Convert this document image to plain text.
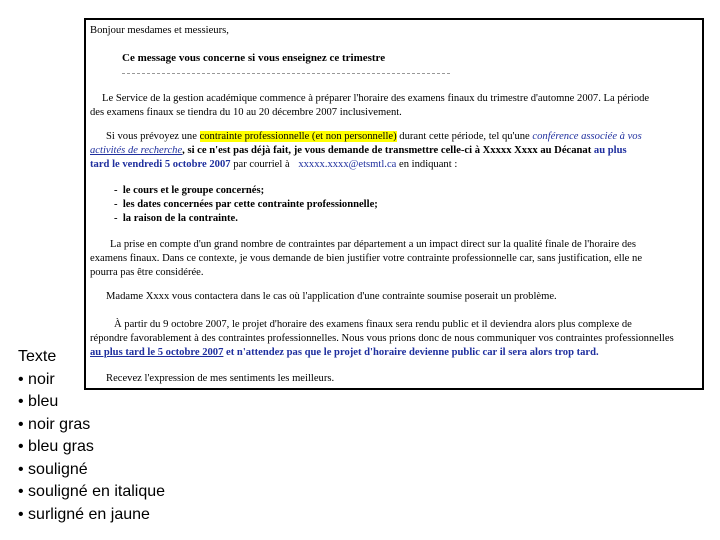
Bonjour mesdames et messieurs,
Ce message vous concerne si vous enseignez ce trimestre
Le Service de la gestion académique commence à préparer l'horaire des examens finaux du trimestre d'automne 2007. La période
des examens finaux se tiendra du 10 au 20 décembre 2007 inclusivement.
Si vous prévoyez une contrainte professionnelle (et non personnelle) durant cette période, tel qu'une conférence associée à vos
activités de recherche, si ce n'est pas déjà fait, je vous demande de transmettre celle-ci à Xxxxx Xxxx au Décanat au plus
tard le vendredi 5 octobre 2007 par courriel à xxxxx.xxxx@etsmtl.ca en indiquant :
-  le cours et le groupe concernés;
-  les dates concernées par cette contrainte professionnelle;
-  la raison de la contrainte.
La prise en compte d'un grand nombre de contraintes par département a un impact direct sur la qualité finale de l'horaire des
examens finaux. Dans ce contexte, je vous demande de bien justifier votre contrainte professionnelle car, sans justification, elle ne
pourra pas être considérée.
Madame Xxxx vous contactera dans le cas où l'application d'une contrainte soumise poserait un problème.
À partir du 9 octobre 2007, le projet d'horaire des examens finaux sera rendu public et il deviendra alors plus complexe de
répondre favorablement à des contraintes professionnelles. Nous vous prions donc de nous communiquer vos contraintes professionnelles
au plus tard le 5 octobre 2007 et n'attendez pas que le projet d'horaire devienne public car il sera alors trop tard.
Recevez l'expression de mes sentiments les meilleurs.
Texte
• noir
• bleu
• noir gras
• bleu gras
• souligné
• souligné en italique
• surligné en jaune
